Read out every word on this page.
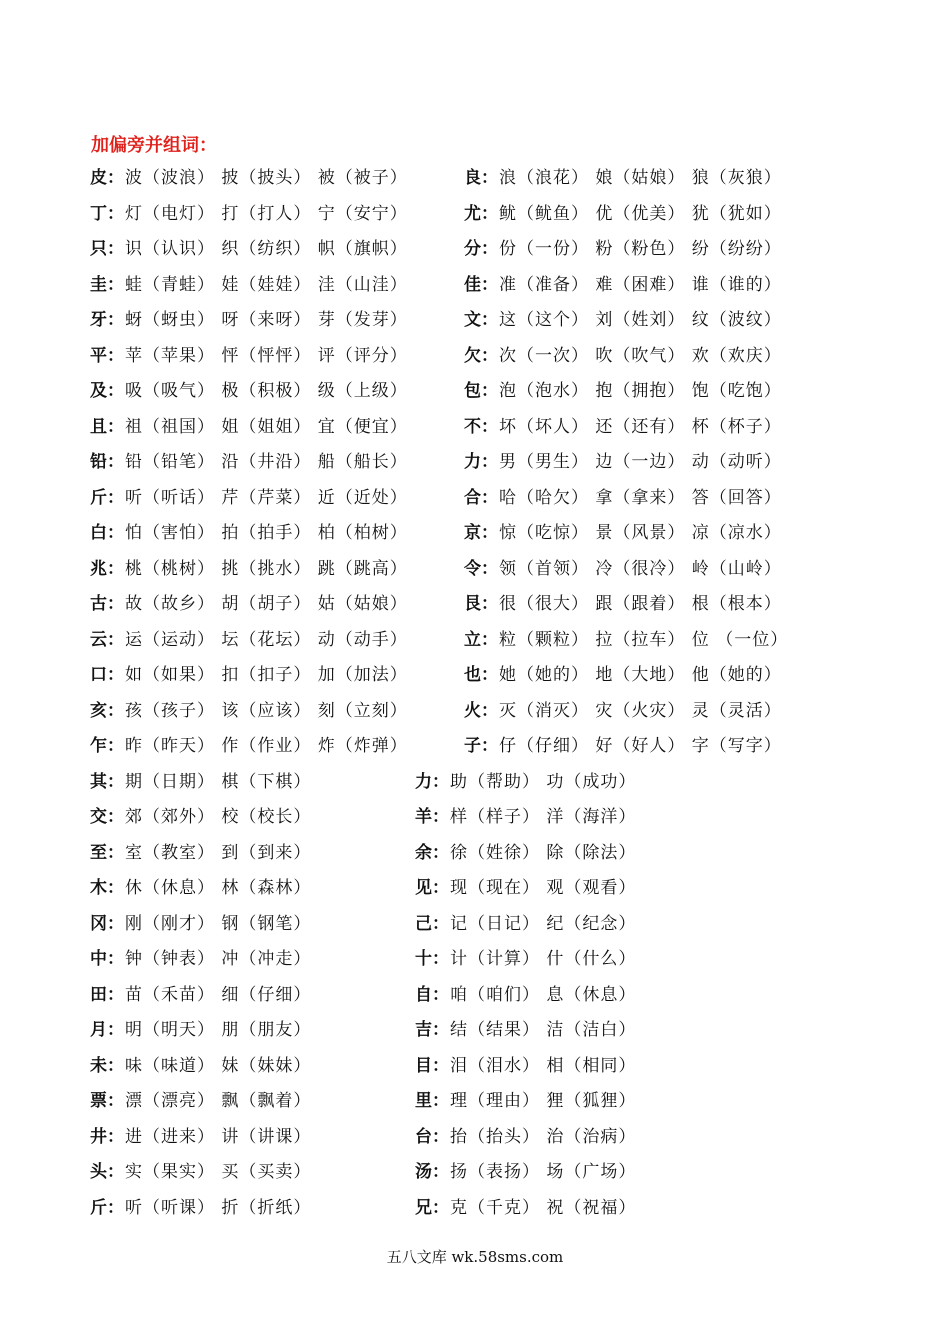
加偏旁并组词：
皮：波（波浪） 披（披头） 被（被子）	良：浪（浪花） 娘（姑娘） 狼（灰狼）
丁：灯（电灯） 打（打人） 宁（安宁）	尤：鱿（鱿鱼） 优（优美） 犹（犹如）
只：识（认识） 织（纺织） 帜（旗帜）	分：份（一份） 粉（粉色） 纷（纷纷）
圭：蛙（青蛙） 娃（娃娃） 洼（山洼）	佳：准（准备） 难（困难） 谁（谁的）
牙：蚜（蚜虫） 呀（来呀） 芽（发芽）	文：这（这个） 刘（姓刘） 纹（波纹）
平：苹（苹果） 怦（怦怦） 评（评分）	欠：次（一次） 吹（吹气） 欢（欢庆）
及：吸（吸气） 极（积极） 级（上级）	包：泡（泡水） 抱（拥抱） 饱（吃饱）
且：祖（祖国） 姐（姐姐） 宜（便宜）	不：坏（坏人） 还（还有） 杯（杯子）
铅：铅（铅笔） 沿（井沿） 船（船长）	力：男（男生） 边（一边） 动（动听）
斤：听（听话） 芹（芹菜） 近（近处）	合：哈（哈欠） 拿（拿来） 答（回答）
白：怕（害怕） 拍（拍手） 柏（柏树）	京：惊（吃惊） 景（风景） 凉（凉水）
兆：桃（桃树） 挑（挑水） 跳（跳高）	令：领（首领） 冷（很冷） 岭（山岭）
古：故（故乡） 胡（胡子） 姑（姑娘）	艮：很（很大） 跟（跟着） 根（根本）
云：运（运动） 坛（花坛） 动（动手）	立：粒（颗粒） 拉（拉车） 位 （一位）
口：如（如果） 扣（扣子） 加（加法）	也：她（她的） 地（大地） 他（她的）
亥：孩（孩子） 该（应该） 刻（立刻）	火：灭（消灭） 灾（火灾） 灵（灵活）
乍：昨（昨天） 作（作业） 炸（炸弹）	子：仔（仔细） 好（好人） 字（写字）
其：期（日期） 棋（下棋）	力：助（帮助） 功（成功）
交：郊（郊外） 校（校长）	羊：样（样子） 洋（海洋）
至：室（教室） 到（到来）	余：徐（姓徐） 除（除法）
木：休（休息） 林（森林）	见：现（现在） 观（观看）
冈：刚（刚才） 钢（钢笔）	己：记（日记） 纪（纪念）
中：钟（钟表） 冲（冲走）	十：计（计算） 什（什么）
田：苗（禾苗） 细（仔细）	自：咱（咱们） 息（休息）
月：明（明天） 朋（朋友）	吉：结（结果） 洁（洁白）
未：味（味道） 妹（妹妹）	目：泪（泪水） 相（相同）
票：漂（漂亮） 飘（飘着）	里：理（理由） 狸（狐狸）
井：进（进来） 讲（讲课）	台：抬（抬头） 治（治病）
头：实（果实） 买（买卖）	汤：扬（表扬） 场（广场）
斤：听（听课） 折（折纸）	兄：克（千克） 祝（祝福）
五八文库 wk.58sms.com
